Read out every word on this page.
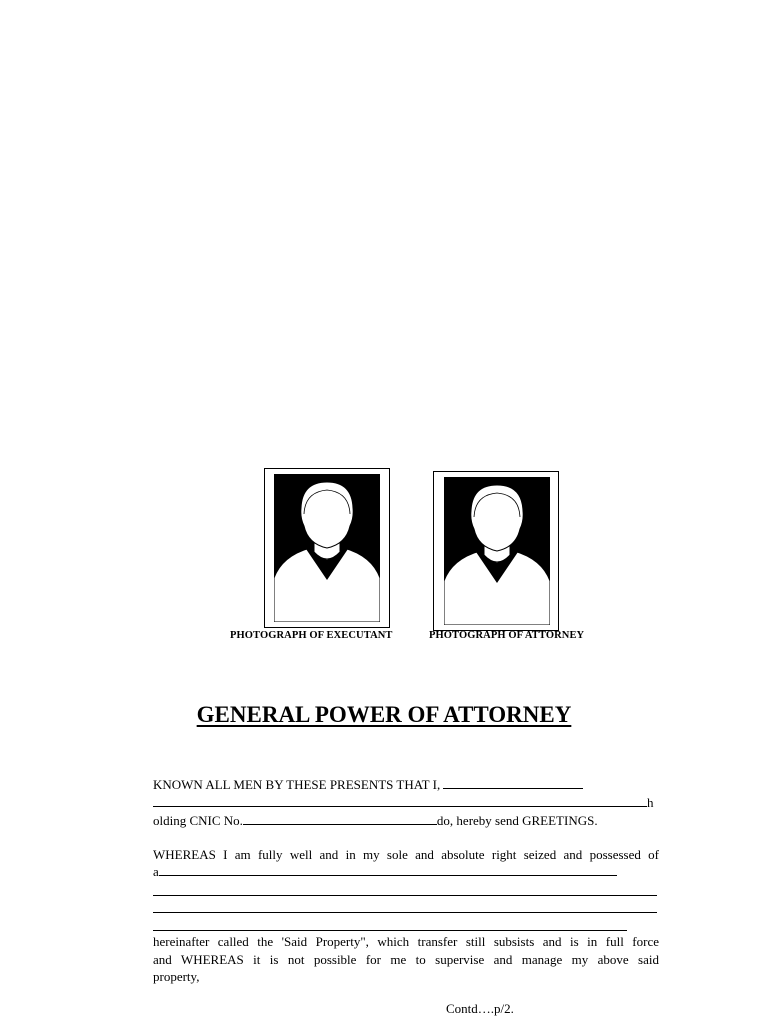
PHOTOGRAPH OF EXECUTANT	PHOTOGRAPH OF ATTORNEY
GENERAL POWER OF ATTORNEY
KNOWN ALL MEN BY THESE PRESENTS THAT I,
h
olding CNIC No.	do, hereby send GREETINGS.
WHEREAS I am fully well and in my sole and absolute right seized and possessed of
a
hereinafter called the 'Said Property", which transfer still subsists and is in full force
and WHEREAS it is not possible for me to supervise and manage my above said
property,
Contd….p/2.
